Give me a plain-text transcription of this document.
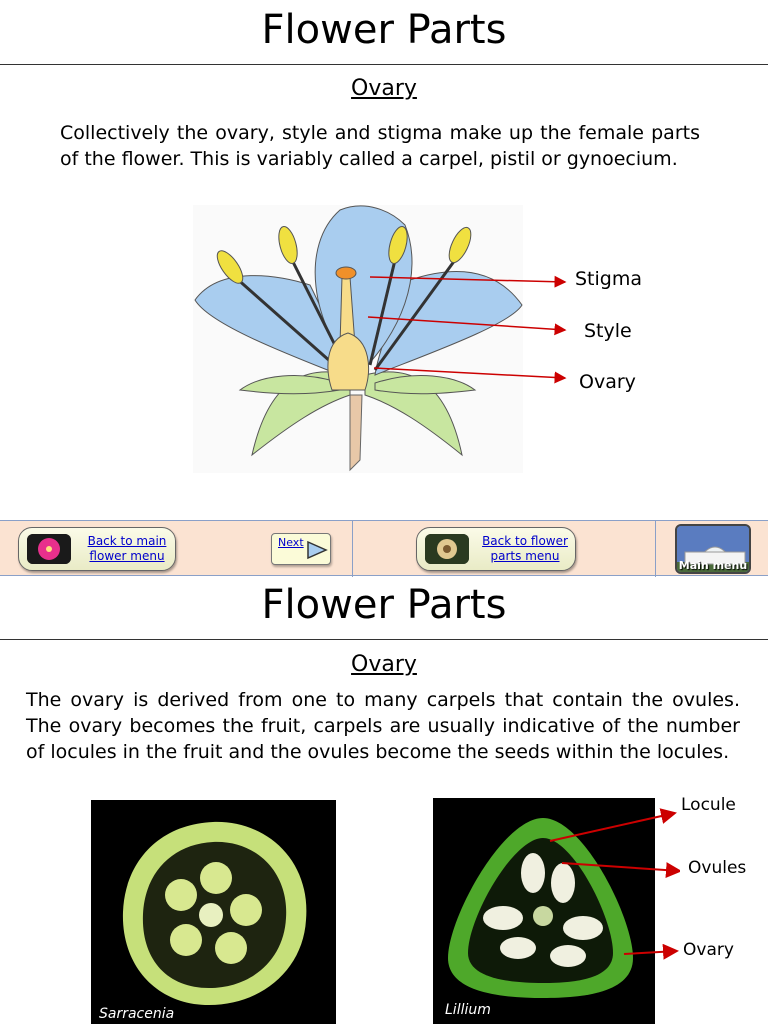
Flower Parts
Ovary
Collectively the ovary, style and stigma make up the female parts of the flower. This is variably called a carpel, pistil or gynoecium.
Stigma
Style
Ovary
Back to main flower menu
Next	Back to flower parts menu
Main menu
Flower Parts
Ovary
The ovary is derived from one to many carpels that contain the ovules. The ovary becomes the fruit, carpels are usually indicative of the number of locules in the fruit and the ovules become the seeds within the locules.
Sarracenia	Lillium
Locule
Ovules
Ovary
